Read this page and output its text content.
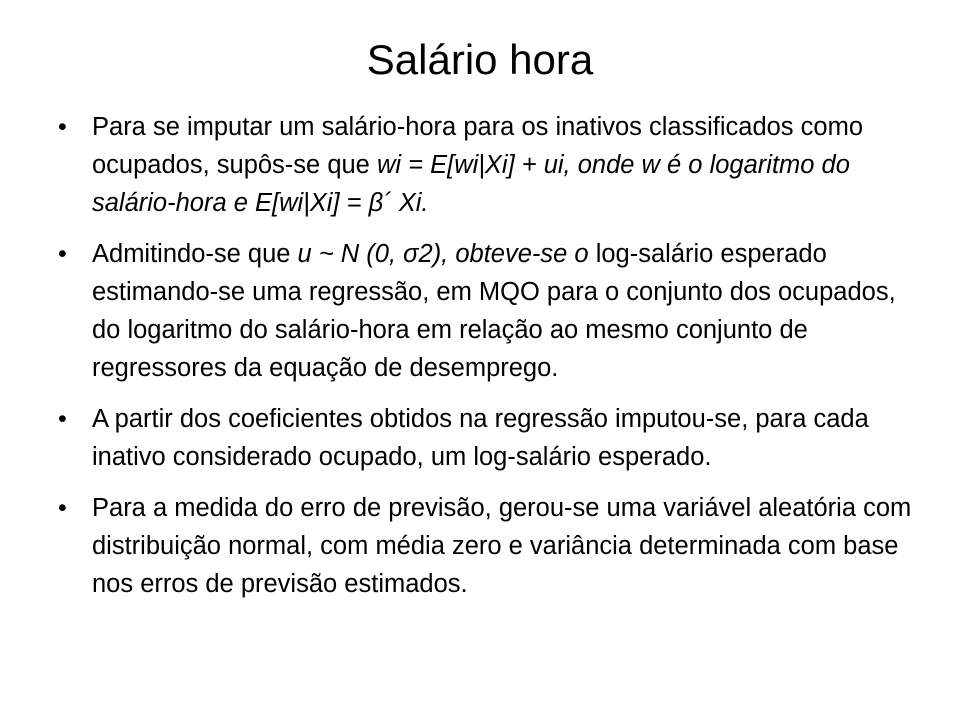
Salário hora
• Para se imputar um salário-hora para os inativos classificados como ocupados, supôs-se que wi = E[wi|Xi] + ui, onde w é o logaritmo do salário-hora e E[wi|Xi] = β´ Xi.
• Admitindo-se que u ~ N (0, σ2), obteve-se o log-salário esperado estimando-se uma regressão, em MQO para o conjunto dos ocupados, do logaritmo do salário-hora em relação ao mesmo conjunto de regressores da equação de desemprego.
• A partir dos coeficientes obtidos na regressão imputou-se, para cada inativo considerado ocupado, um log-salário esperado.
• Para a medida do erro de previsão, gerou-se uma variável aleatória com distribuição normal, com média zero e variância determinada com base nos erros de previsão estimados.
